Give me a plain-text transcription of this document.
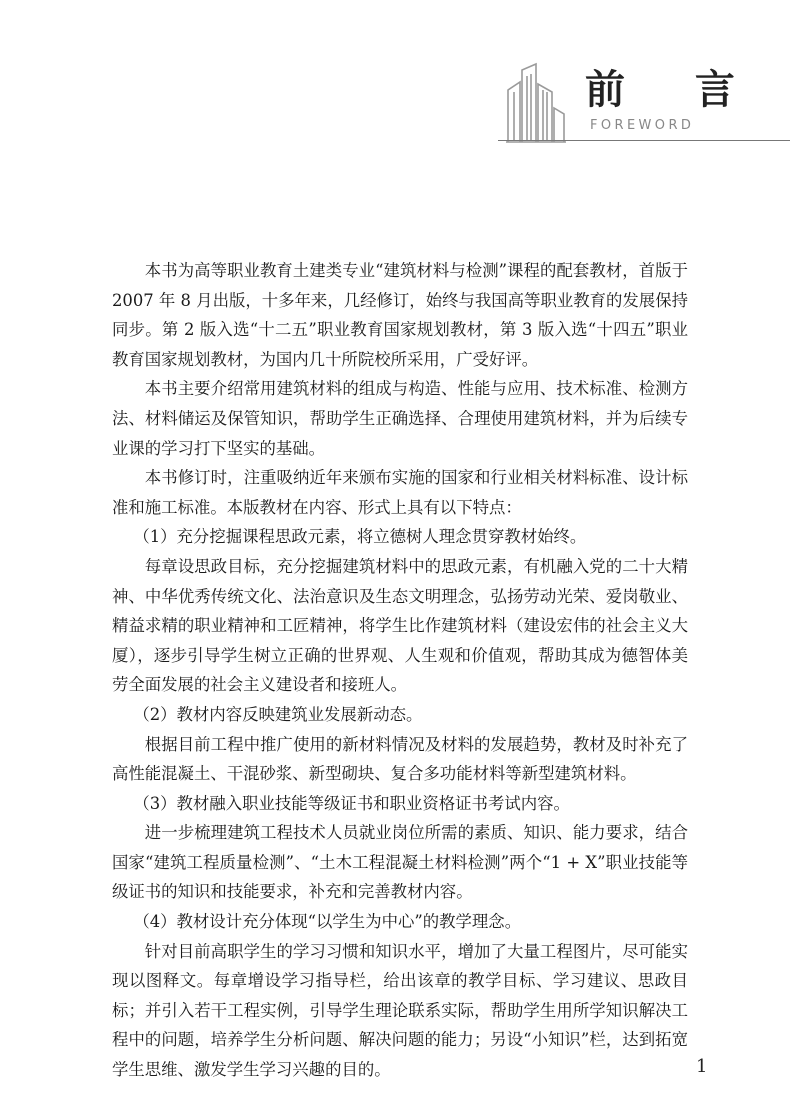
前 言
FOREWORD

本书为高等职业教育土建类专业“建筑材料与检测”课程的配套教材，首版于 2007 年 8 月出版，十多年来，几经修订，始终与我国高等职业教育的发展保持同步。第 2 版入选“十二五”职业教育国家规划教材，第 3 版入选“十四五”职业教育国家规划教材，为国内几十所院校所采用，广受好评。

本书主要介绍常用建筑材料的组成与构造、性能与应用、技术标准、检测方法、材料储运及保管知识，帮助学生正确选择、合理使用建筑材料，并为后续专业课的学习打下坚实的基础。

本书修订时，注重吸纳近年来颁布实施的国家和行业相关材料标准、设计标准和施工标准。本版教材在内容、形式上具有以下特点：

（1）充分挖掘课程思政元素，将立德树人理念贯穿教材始终。

每章设思政目标，充分挖掘建筑材料中的思政元素，有机融入党的二十大精神、中华优秀传统文化、法治意识及生态文明理念，弘扬劳动光荣、爱岗敬业、精益求精的职业精神和工匠精神，将学生比作建筑材料（建设宏伟的社会主义大厦），逐步引导学生树立正确的世界观、人生观和价值观，帮助其成为德智体美劳全面发展的社会主义建设者和接班人。

（2）教材内容反映建筑业发展新动态。

根据目前工程中推广使用的新材料情况及材料的发展趋势，教材及时补充了高性能混凝土、干混砂浆、新型砌块、复合多功能材料等新型建筑材料。

（3）教材融入职业技能等级证书和职业资格证书考试内容。

进一步梳理建筑工程技术人员就业岗位所需的素质、知识、能力要求，结合国家“建筑工程质量检测”、“土木工程混凝土材料检测”两个“1 + X”职业技能等级证书的知识和技能要求，补充和完善教材内容。

（4）教材设计充分体现“以学生为中心”的教学理念。

针对目前高职学生的学习习惯和知识水平，增加了大量工程图片，尽可能实现以图释文。每章增设学习指导栏，给出该章的教学目标、学习建议、思政目标；并引入若干工程实例，引导学生理论联系实际，帮助学生用所学知识解决工程中的问题，培养学生分析问题、解决问题的能力；另设“小知识”栏，达到拓宽学生思维、激发学生学习兴趣的目的。	1
